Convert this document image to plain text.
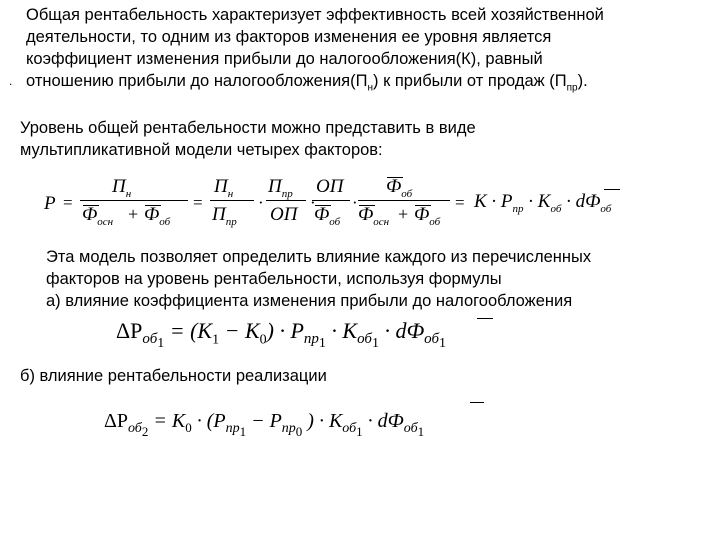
.
Общая рентабельность характеризует эффективность всей хозяйственной
деятельности, то одним из факторов изменения ее уровня является
коэффициент изменения прибыли до налогообложения(К), равный
отношению прибыли до $налогообложения(П_н)$ к прибыли от продаж $(П_{пр})$.
Уровень общей рентабельности можно представить в виде
мультипликативной модели четырех факторов:
P =
$П_н$
$Ф_{осн} + Ф_{об}$
=
$П_н$
$П_{пр}$
·
$П_{пр}$
ОП
·
ОП
$Ф_{об}$
·
$Ф_{об}$
$Ф_{осн} + Ф_{об}$
= $K \cdot P_{пр} \cdot K_{об} \cdot dФ_{об}$
Эта модель позволяет определить влияние каждого из перечисленных
факторов на уровень рентабельности, используя формулы
а) влияние коэффициента изменения прибыли до налогообложения
$\Delta P_{об_1} = (K_1 - K_0) \cdot P_{пр_1} \cdot K_{об_1} \cdot dФ_{об_1}$
б) влияние рентабельности реализации
$\Delta P_{об_2} = K_0 \cdot (P_{пр_1} - P_{пр_0}$ ) · $K_{об_1} \cdot dФ_{об_1}$
